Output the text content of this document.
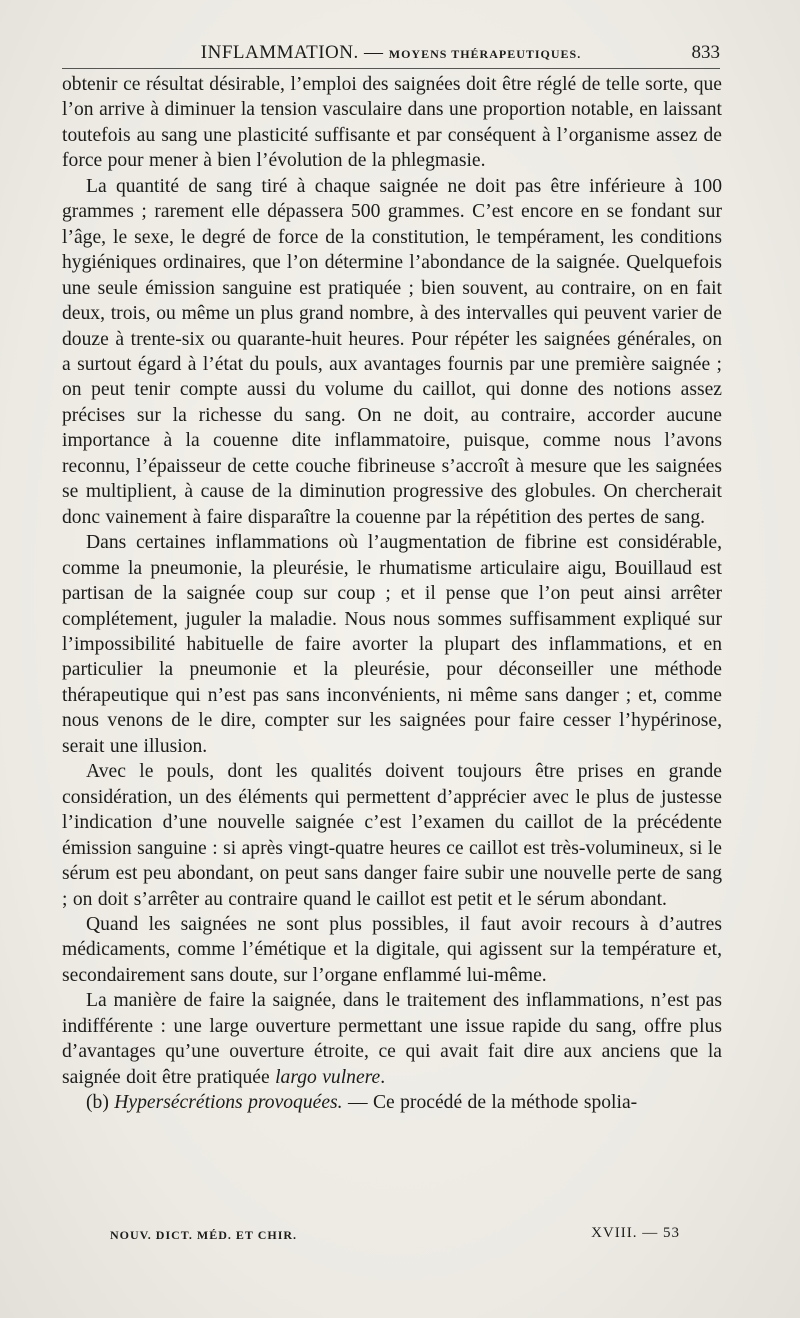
INFLAMMATION. — MOYENS THÉRAPEUTIQUES.	833

obtenir ce résultat désirable, l’emploi des saignées doit être réglé de telle sorte, que l’on arrive à diminuer la tension vasculaire dans une proportion notable, en laissant toutefois au sang une plasticité suffisante et par conséquent à l’organisme assez de force pour mener à bien l’évolution de la phlegmasie.

La quantité de sang tiré à chaque saignée ne doit pas être inférieure à 100 grammes ; rarement elle dépassera 500 grammes. C’est encore en se fondant sur l’âge, le sexe, le degré de force de la constitution, le tempérament, les conditions hygiéniques ordinaires, que l’on détermine l’abondance de la saignée. Quelquefois une seule émission sanguine est pratiquée ; bien souvent, au contraire, on en fait deux, trois, ou même un plus grand nombre, à des intervalles qui peuvent varier de douze à trente-six ou quarante-huit heures. Pour répéter les saignées générales, on a surtout égard à l’état du pouls, aux avantages fournis par une première saignée ; on peut tenir compte aussi du volume du caillot, qui donne des notions assez précises sur la richesse du sang. On ne doit, au contraire, accorder aucune importance à la couenne dite inflammatoire, puisque, comme nous l’avons reconnu, l’épaisseur de cette couche fibrineuse s’accroît à mesure que les saignées se multiplient, à cause de la diminution progressive des globules. On chercherait donc vainement à faire disparaître la couenne par la répétition des pertes de sang.

Dans certaines inflammations où l’augmentation de fibrine est considérable, comme la pneumonie, la pleurésie, le rhumatisme articulaire aigu, Bouillaud est partisan de la saignée coup sur coup ; et il pense que l’on peut ainsi arrêter complétement, juguler la maladie. Nous nous sommes suffisamment expliqué sur l’impossibilité habituelle de faire avorter la plupart des inflammations, et en particulier la pneumonie et la pleurésie, pour déconseiller une méthode thérapeutique qui n’est pas sans inconvénients, ni même sans danger ; et, comme nous venons de le dire, compter sur les saignées pour faire cesser l’hypérinose, serait une illusion.

Avec le pouls, dont les qualités doivent toujours être prises en grande considération, un des éléments qui permettent d’apprécier avec le plus de justesse l’indication d’une nouvelle saignée c’est l’examen du caillot de la précédente émission sanguine : si après vingt-quatre heures ce caillot est très-volumineux, si le sérum est peu abondant, on peut sans danger faire subir une nouvelle perte de sang ; on doit s’arrêter au contraire quand le caillot est petit et le sérum abondant.

Quand les saignées ne sont plus possibles, il faut avoir recours à d’autres médicaments, comme l’émétique et la digitale, qui agissent sur la température et, secondairement sans doute, sur l’organe enflammé lui-même.

La manière de faire la saignée, dans le traitement des inflammations, n’est pas indifférente : une large ouverture permettant une issue rapide du sang, offre plus d’avantages qu’une ouverture étroite, ce qui avait fait dire aux anciens que la saignée doit être pratiquée largo vulnere.

(b) Hypersécrétions provoquées. — Ce procédé de la méthode spolia-

NOUV. DICT. MÉD. ET CHIR.	XVIII. — 53
